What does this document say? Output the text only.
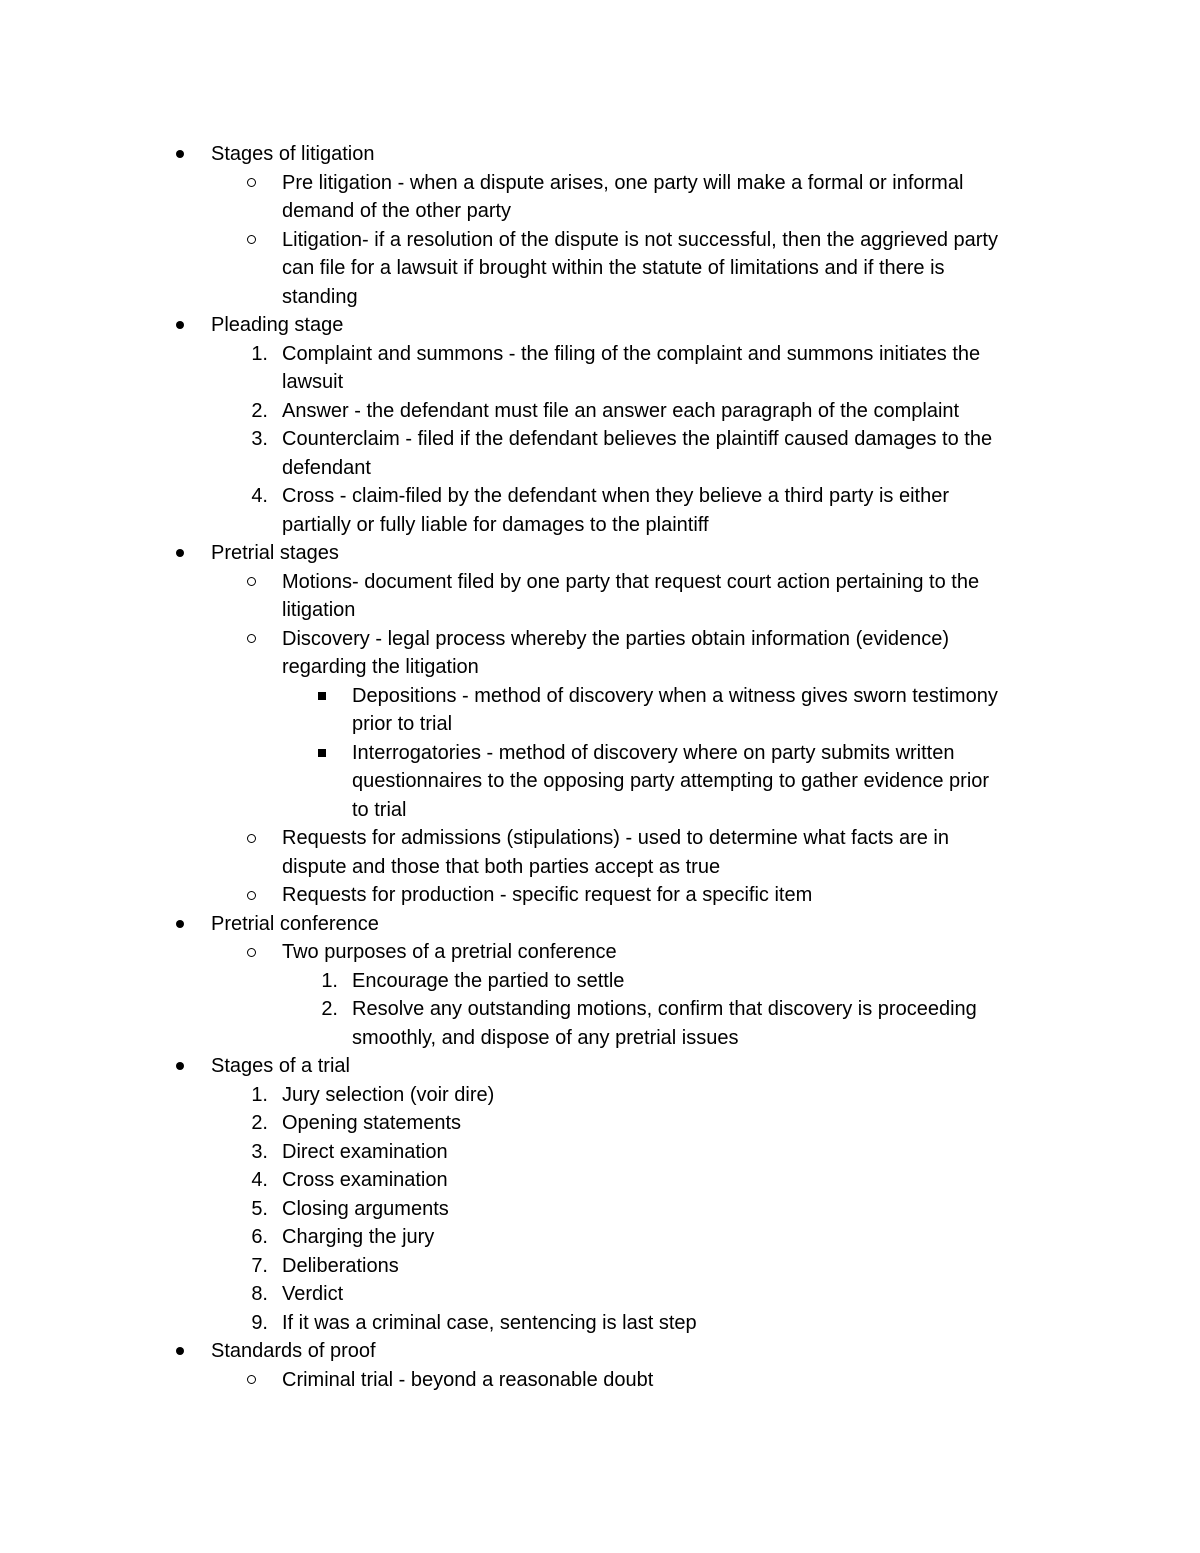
Stages of litigation
Pre litigation - when a dispute arises, one party will make a formal or informal
demand of the other party
Litigation- if a resolution of the dispute is not successful, then the aggrieved party
can file for a lawsuit if brought within the statute of limitations and if there is
standing
Pleading stage
1. Complaint and summons - the filing of the complaint and summons initiates the
lawsuit
2. Answer - the defendant must file an answer each paragraph of the complaint
3. Counterclaim - filed if the defendant believes the plaintiff caused damages to the
defendant
4. Cross - claim-filed by the defendant when they believe a third party is either
partially or fully liable for damages to the plaintiff
Pretrial stages
Motions- document filed by one party that request court action pertaining to the
litigation
Discovery - legal process whereby the parties obtain information (evidence)
regarding the litigation
Depositions - method of discovery when a witness gives sworn testimony
prior to trial
Interrogatories - method of discovery where on party submits written
questionnaires to the opposing party attempting to gather evidence prior
to trial
Requests for admissions (stipulations) - used to determine what facts are in
dispute and those that both parties accept as true
Requests for production - specific request for a specific item
Pretrial conference
Two purposes of a pretrial conference
1. Encourage the partied to settle
2. Resolve any outstanding motions, confirm that discovery is proceeding
smoothly, and dispose of any pretrial issues
Stages of a trial
1. Jury selection (voir dire)
2. Opening statements
3. Direct examination
4. Cross examination
5. Closing arguments
6. Charging the jury
7. Deliberations
8. Verdict
9. If it was a criminal case, sentencing is last step
Standards of proof
Criminal trial - beyond a reasonable doubt
